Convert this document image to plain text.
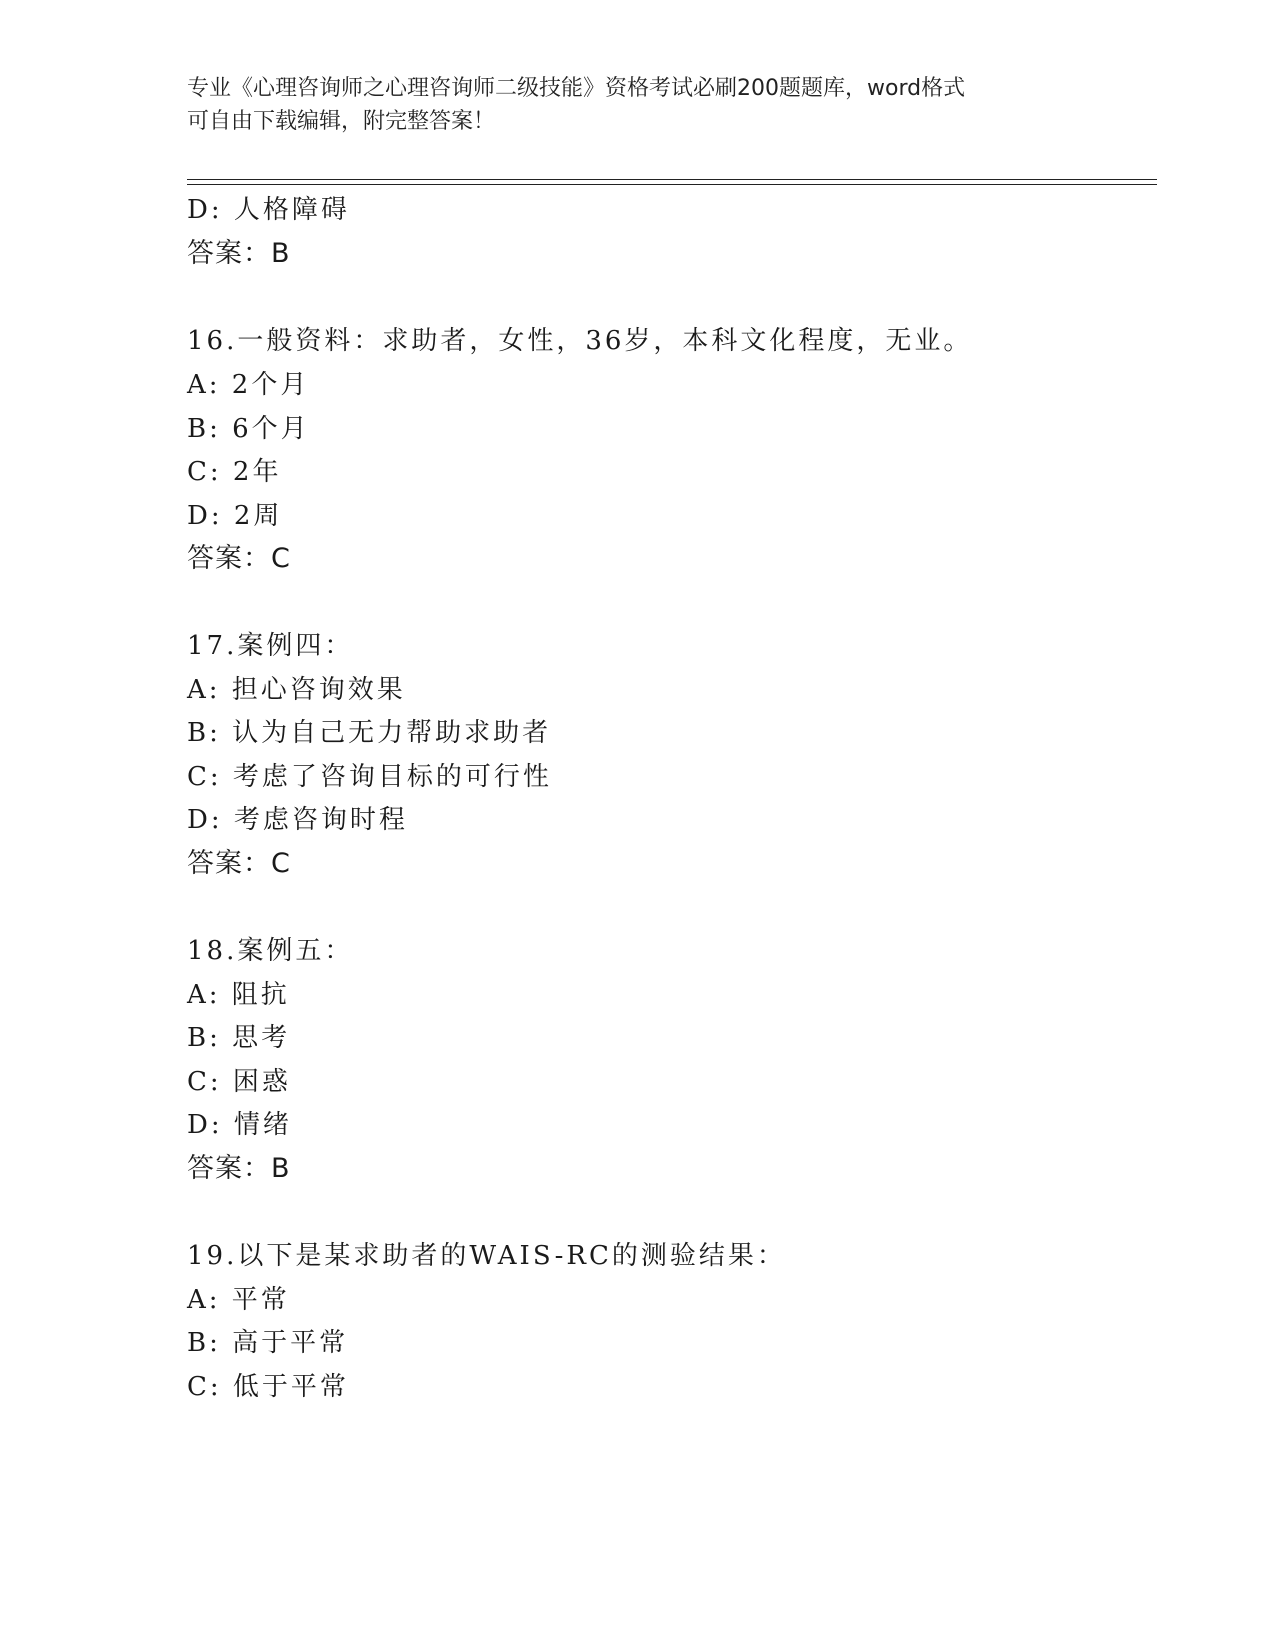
专业《心理咨询师之心理咨询师二级技能》资格考试必刷200题题库，word格式
可自由下载编辑，附完整答案！
D: 人格障碍
答案：B
16.一般资料：求助者，女性，36岁，本科文化程度，无业。
A: 2个月
B: 6个月
C: 2年
D: 2周
答案：C
17.案例四：
A: 担心咨询效果
B: 认为自己无力帮助求助者
C: 考虑了咨询目标的可行性
D: 考虑咨询时程
答案：C
18.案例五：
A: 阻抗
B: 思考
C: 困惑
D: 情绪
答案：B
19.以下是某求助者的WAIS-RC的测验结果：
A: 平常
B: 高于平常
C: 低于平常
